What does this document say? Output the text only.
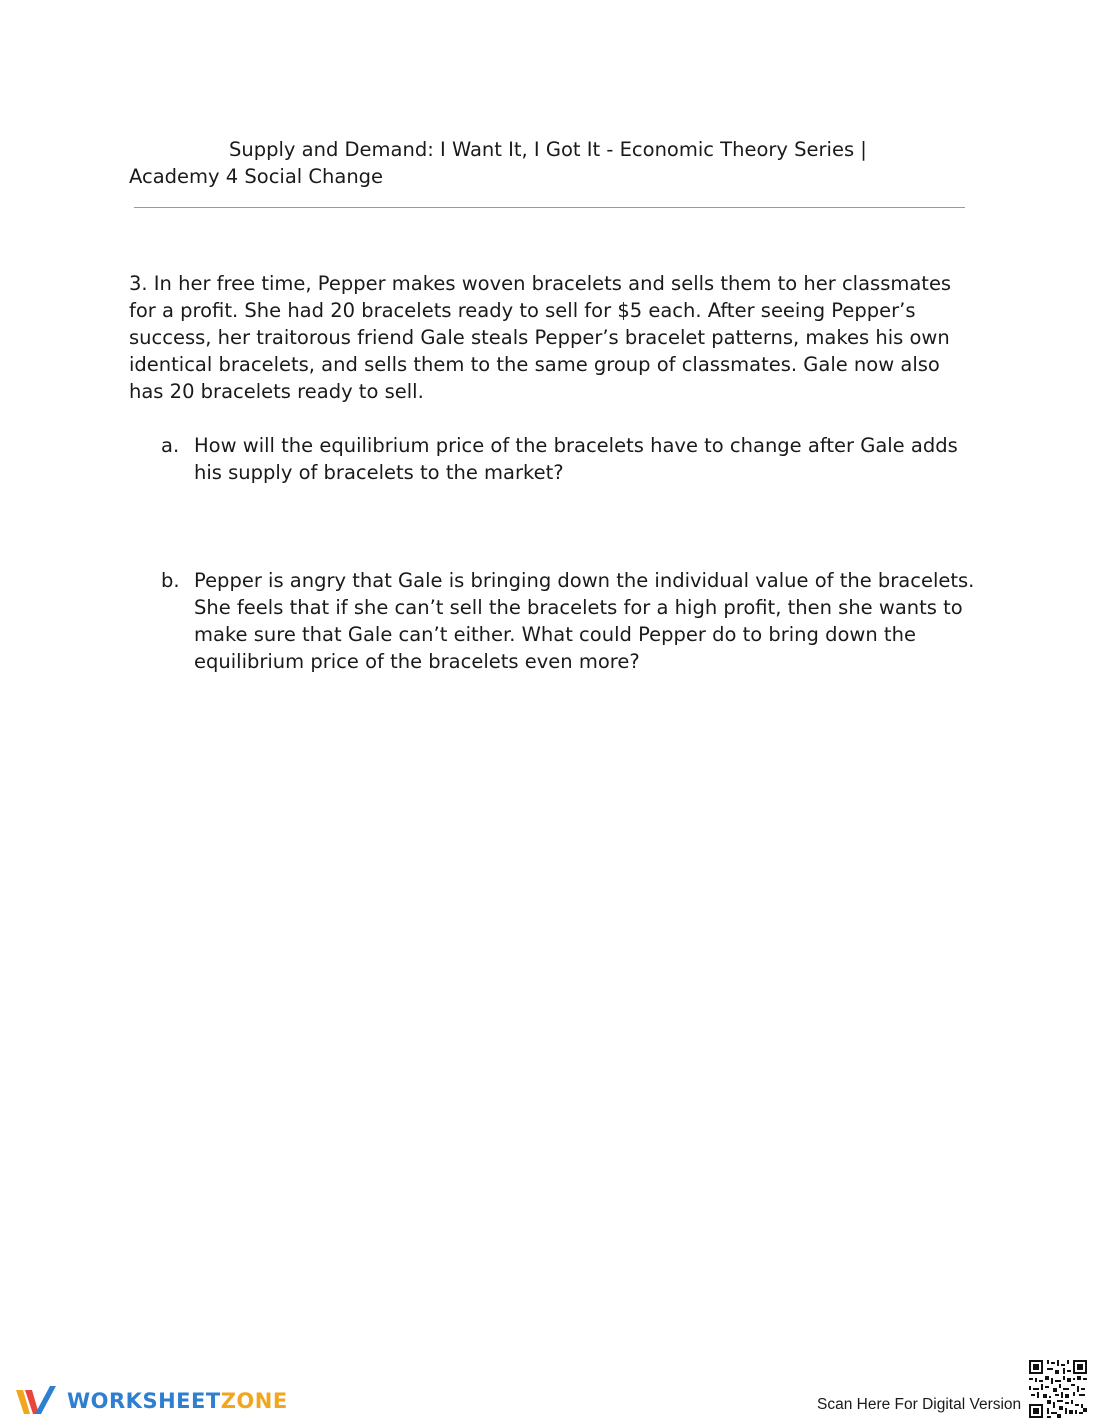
Supply and Demand: I Want It, I Got It - Economic Theory Series | Academy 4 Social Change

3. In her free time, Pepper makes woven bracelets and sells them to her classmates for a profit. She had 20 bracelets ready to sell for $5 each. After seeing Pepper’s success, her traitorous friend Gale steals Pepper’s bracelet patterns, makes his own identical bracelets, and sells them to the same group of classmates. Gale now also has 20 bracelets ready to sell.

a. How will the equilibrium price of the bracelets have to change after Gale adds his supply of bracelets to the market?
b. Pepper is angry that Gale is bringing down the individual value of the bracelets. She feels that if she can’t sell the bracelets for a high profit, then she wants to make sure that Gale can’t either. What could Pepper do to bring down the equilibrium price of the bracelets even more?
WORKSHEETZONE	Scan Here For Digital Version
